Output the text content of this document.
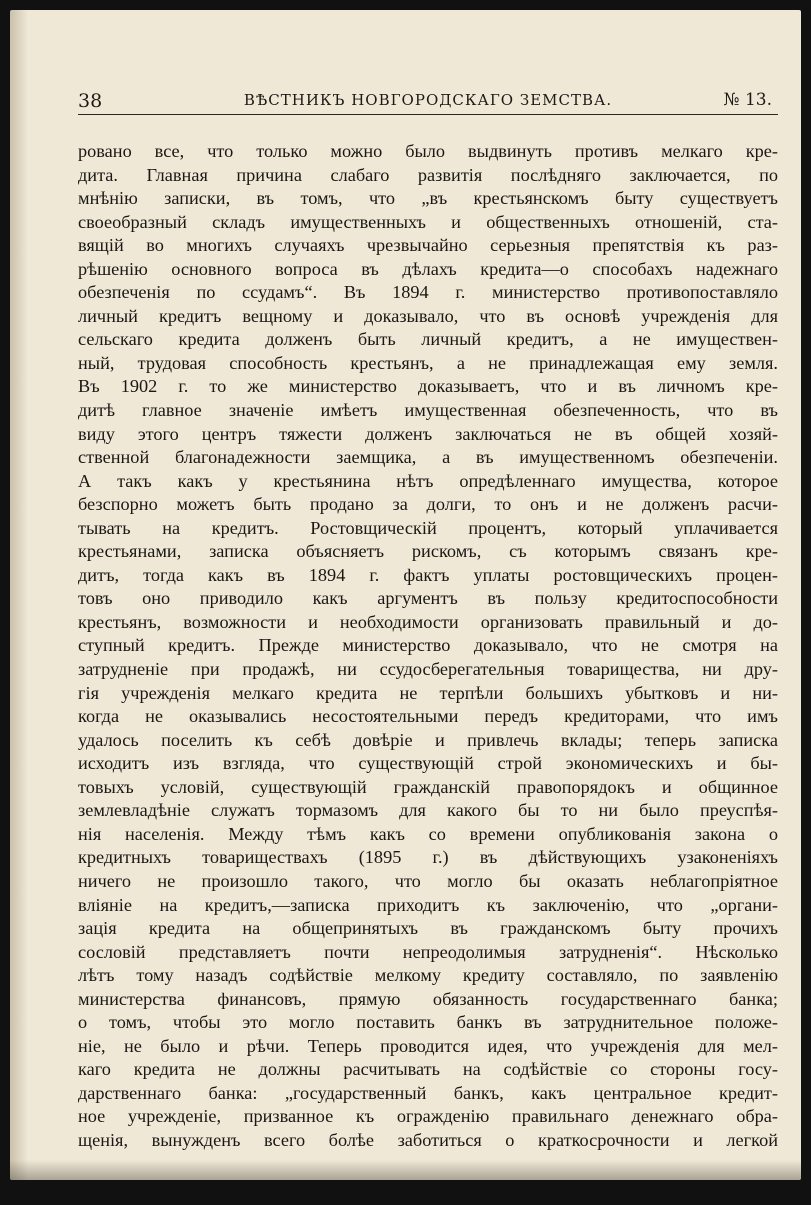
38	ВѢСТНИКЪ НОВГОРОДСКАГО ЗЕМСТВА.	№ 13.
ровано все, что только можно было выдвинуть противъ мелкаго кре-
дита. Главная причина слабаго развитія послѣдняго заключается, по
мнѣнію записки, въ томъ, что „въ крестьянскомъ быту существуетъ
своеобразный складъ имущественныхъ и общественныхъ отношеній, ста-
вящій во многихъ случаяхъ чрезвычайно серьезныя препятствія къ раз-
рѣшенію основного вопроса въ дѣлахъ кредита—о способахъ надежнаго
обезпеченія по ссудамъ“. Въ 1894 г. министерство противопоставляло
личный кредитъ вещному и доказывало, что въ основѣ учрежденія для
сельскаго кредита долженъ быть личный кредитъ, а не имуществен-
ный, трудовая способность крестьянъ, а не принадлежащая ему земля.
Въ 1902 г. то же министерство доказываетъ, что и въ личномъ кре-
дитѣ главное значеніе имѣетъ имущественная обезпеченность, что въ
виду этого центръ тяжести долженъ заключаться не въ общей хозяй-
ственной благонадежности заемщика, а въ имущественномъ обезпеченіи.
А такъ какъ у крестьянина нѣтъ опредѣленнаго имущества, которое
безспорно можетъ быть продано за долги, то онъ и не долженъ расчи-
тывать на кредитъ. Ростовщическій процентъ, который уплачивается
крестьянами, записка объясняетъ рискомъ, съ которымъ связанъ кре-
дитъ, тогда какъ въ 1894 г. фактъ уплаты ростовщическихъ процен-
товъ оно приводило какъ аргументъ въ пользу кредитоспособности
крестьянъ, возможности и необходимости организовать правильный и до-
ступный кредитъ. Прежде министерство доказывало, что не смотря на
затрудненіе при продажѣ, ни ссудосберегательныя товарищества, ни дру-
гія учрежденія мелкаго кредита не терпѣли большихъ убытковъ и ни-
когда не оказывались несостоятельными передъ кредиторами, что имъ
удалось поселить къ себѣ довѣріе и привлечь вклады; теперь записка
исходитъ изъ взгляда, что существующій строй экономическихъ и бы-
товыхъ условій, существующій гражданскій правопорядокъ и общинное
землевладѣніе служатъ тормазомъ для какого бы то ни было преуспѣя-
нія населенія. Между тѣмъ какъ со времени опубликованія закона о
кредитныхъ товариществахъ (1895 г.) въ дѣйствующихъ узаконеніяхъ
ничего не произошло такого, что могло бы оказать неблагопріятное
вліяніе на кредитъ,—записка приходитъ къ заключенію, что „органи-
зація кредита на общепринятыхъ въ гражданскомъ быту прочихъ
сословій представляетъ почти непреодолимыя затрудненія“. Нѣсколько
лѣтъ тому назадъ содѣйствіе мелкому кредиту составляло, по заявленію
министерства финансовъ, прямую обязанность государственнаго банка;
о томъ, чтобы это могло поставить банкъ въ затруднительное положе-
ніе, не было и рѣчи. Теперь проводится идея, что учрежденія для мел-
каго кредита не должны расчитывать на содѣйствіе со стороны госу-
дарственнаго банка: „государственный банкъ, какъ центральное кредит-
ное учрежденіе, призванное къ огражденію правильнаго денежнаго обра-
щенія, вынужденъ всего болѣе заботиться о краткосрочности и легкой
